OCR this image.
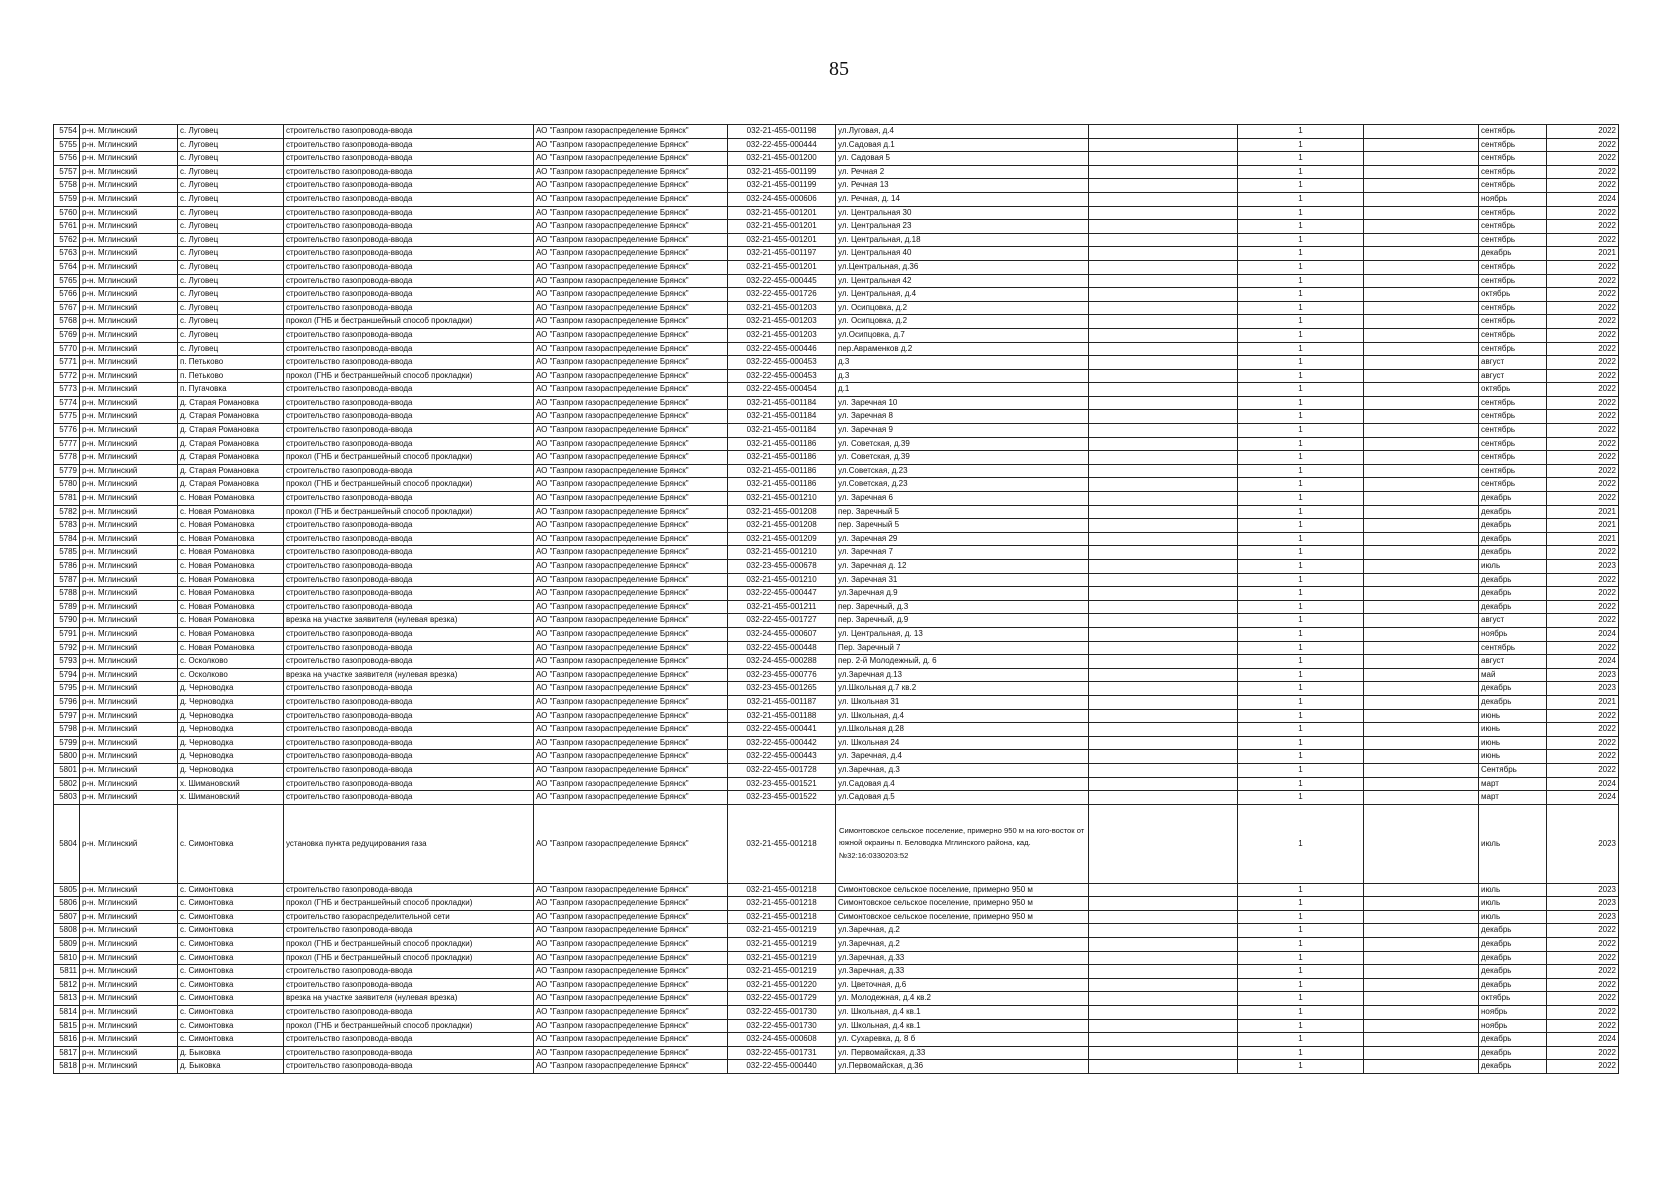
85
5754	р-н. Мглинский	с. Луговец	строительство газопровода-ввода	АО "Газпром газораспределение Брянск"	032-21-455-001198	ул.Луговая, д.4		1		сентябрь	2022
5755	р-н. Мглинский	с. Луговец	строительство газопровода-ввода	АО "Газпром газораспределение Брянск"	032-22-455-000444	ул.Садовая д.1		1		сентябрь	2022
5756	р-н. Мглинский	с. Луговец	строительство газопровода-ввода	АО "Газпром газораспределение Брянск"	032-21-455-001200	ул. Садовая 5		1		сентябрь	2022
5757	р-н. Мглинский	с. Луговец	строительство газопровода-ввода	АО "Газпром газораспределение Брянск"	032-21-455-001199	ул. Речная 2		1		сентябрь	2022
5758	р-н. Мглинский	с. Луговец	строительство газопровода-ввода	АО "Газпром газораспределение Брянск"	032-21-455-001199	ул. Речная 13		1		сентябрь	2022
5759	р-н. Мглинский	с. Луговец	строительство газопровода-ввода	АО "Газпром газораспределение Брянск"	032-24-455-000606	ул. Речная, д. 14		1		ноябрь	2024
5760	р-н. Мглинский	с. Луговец	строительство газопровода-ввода	АО "Газпром газораспределение Брянск"	032-21-455-001201	ул. Центральная 30		1		сентябрь	2022
5761	р-н. Мглинский	с. Луговец	строительство газопровода-ввода	АО "Газпром газораспределение Брянск"	032-21-455-001201	ул. Центральная 23		1		сентябрь	2022
5762	р-н. Мглинский	с. Луговец	строительство газопровода-ввода	АО "Газпром газораспределение Брянск"	032-21-455-001201	ул. Центральная, д.18		1		сентябрь	2022
5763	р-н. Мглинский	с. Луговец	строительство газопровода-ввода	АО "Газпром газораспределение Брянск"	032-21-455-001197	ул. Центральная 40		1		декабрь	2021
5764	р-н. Мглинский	с. Луговец	строительство газопровода-ввода	АО "Газпром газораспределение Брянск"	032-21-455-001201	ул.Центральная, д.36		1		сентябрь	2022
5765	р-н. Мглинский	с. Луговец	строительство газопровода-ввода	АО "Газпром газораспределение Брянск"	032-22-455-000445	ул. Центральная 42		1		сентябрь	2022
5766	р-н. Мглинский	с. Луговец	строительство газопровода-ввода	АО "Газпром газораспределение Брянск"	032-22-455-001726	ул. Центральная, д.4		1		октябрь	2022
5767	р-н. Мглинский	с. Луговец	строительство газопровода-ввода	АО "Газпром газораспределение Брянск"	032-21-455-001203	ул. Осипцовка, д.2		1		сентябрь	2022
5768	р-н. Мглинский	с. Луговец	прокол (ГНБ и бестраншейный способ прокладки)	АО "Газпром газораспределение Брянск"	032-21-455-001203	ул. Осипцовка, д.2		1		сентябрь	2022
5769	р-н. Мглинский	с. Луговец	строительство газопровода-ввода	АО "Газпром газораспределение Брянск"	032-21-455-001203	ул.Осипцовка, д.7		1		сентябрь	2022
5770	р-н. Мглинский	с. Луговец	строительство газопровода-ввода	АО "Газпром газораспределение Брянск"	032-22-455-000446	пер.Авраменков д.2		1		сентябрь	2022
5771	р-н. Мглинский	п. Петьково	строительство газопровода-ввода	АО "Газпром газораспределение Брянск"	032-22-455-000453	д.3		1		август	2022
5772	р-н. Мглинский	п. Петьково	прокол (ГНБ и бестраншейный способ прокладки)	АО "Газпром газораспределение Брянск"	032-22-455-000453	д.3		1		август	2022
5773	р-н. Мглинский	п. Пугачовка	строительство газопровода-ввода	АО "Газпром газораспределение Брянск"	032-22-455-000454	д.1		1		октябрь	2022
5774	р-н. Мглинский	д. Старая Романовка	строительство газопровода-ввода	АО "Газпром газораспределение Брянск"	032-21-455-001184	ул. Заречная 10		1		сентябрь	2022
5775	р-н. Мглинский	д. Старая Романовка	строительство газопровода-ввода	АО "Газпром газораспределение Брянск"	032-21-455-001184	ул. Заречная 8		1		сентябрь	2022
5776	р-н. Мглинский	д. Старая Романовка	строительство газопровода-ввода	АО "Газпром газораспределение Брянск"	032-21-455-001184	ул. Заречная 9		1		сентябрь	2022
5777	р-н. Мглинский	д. Старая Романовка	строительство газопровода-ввода	АО "Газпром газораспределение Брянск"	032-21-455-001186	ул. Советская, д.39		1		сентябрь	2022
5778	р-н. Мглинский	д. Старая Романовка	прокол (ГНБ и бестраншейный способ прокладки)	АО "Газпром газораспределение Брянск"	032-21-455-001186	ул. Советская, д.39		1		сентябрь	2022
5779	р-н. Мглинский	д. Старая Романовка	строительство газопровода-ввода	АО "Газпром газораспределение Брянск"	032-21-455-001186	ул.Советская, д.23		1		сентябрь	2022
5780	р-н. Мглинский	д. Старая Романовка	прокол (ГНБ и бестраншейный способ прокладки)	АО "Газпром газораспределение Брянск"	032-21-455-001186	ул.Советская, д.23		1		сентябрь	2022
5781	р-н. Мглинский	с. Новая Романовка	строительство газопровода-ввода	АО "Газпром газораспределение Брянск"	032-21-455-001210	ул. Заречная 6		1		декабрь	2022
5782	р-н. Мглинский	с. Новая Романовка	прокол (ГНБ и бестраншейный способ прокладки)	АО "Газпром газораспределение Брянск"	032-21-455-001208	пер. Заречный 5		1		декабрь	2021
5783	р-н. Мглинский	с. Новая Романовка	строительство газопровода-ввода	АО "Газпром газораспределение Брянск"	032-21-455-001208	пер. Заречный 5		1		декабрь	2021
5784	р-н. Мглинский	с. Новая Романовка	строительство газопровода-ввода	АО "Газпром газораспределение Брянск"	032-21-455-001209	ул. Заречная 29		1		декабрь	2021
5785	р-н. Мглинский	с. Новая Романовка	строительство газопровода-ввода	АО "Газпром газораспределение Брянск"	032-21-455-001210	ул. Заречная 7		1		декабрь	2022
5786	р-н. Мглинский	с. Новая Романовка	строительство газопровода-ввода	АО "Газпром газораспределение Брянск"	032-23-455-000678	ул. Заречная д. 12		1		июль	2023
5787	р-н. Мглинский	с. Новая Романовка	строительство газопровода-ввода	АО "Газпром газораспределение Брянск"	032-21-455-001210	ул. Заречная 31		1		декабрь	2022
5788	р-н. Мглинский	с. Новая Романовка	строительство газопровода-ввода	АО "Газпром газораспределение Брянск"	032-22-455-000447	ул.Заречная д.9		1		декабрь	2022
5789	р-н. Мглинский	с. Новая Романовка	строительство газопровода-ввода	АО "Газпром газораспределение Брянск"	032-21-455-001211	пер. Заречный, д.3		1		декабрь	2022
5790	р-н. Мглинский	с. Новая Романовка	врезка на участке заявителя (нулевая врезка)	АО "Газпром газораспределение Брянск"	032-22-455-001727	пер. Заречный, д.9		1		август	2022
5791	р-н. Мглинский	с. Новая Романовка	строительство газопровода-ввода	АО "Газпром газораспределение Брянск"	032-24-455-000607	ул. Центральная, д. 13		1		ноябрь	2024
5792	р-н. Мглинский	с. Новая Романовка	строительство газопровода-ввода	АО "Газпром газораспределение Брянск"	032-22-455-000448	Пер. Заречный 7		1		сентябрь	2022
5793	р-н. Мглинский	с. Осколково	строительство газопровода-ввода	АО "Газпром газораспределение Брянск"	032-24-455-000288	пер. 2-й Молодежный, д. 6		1		август	2024
5794	р-н. Мглинский	с. Осколково	врезка на участке заявителя (нулевая врезка)	АО "Газпром газораспределение Брянск"	032-23-455-000776	ул.Заречная д.13		1		май	2023
5795	р-н. Мглинский	д. Черноводка	строительство газопровода-ввода	АО "Газпром газораспределение Брянск"	032-23-455-001265	ул.Школьная д.7 кв.2		1		декабрь	2023
5796	р-н. Мглинский	д. Черноводка	строительство газопровода-ввода	АО "Газпром газораспределение Брянск"	032-21-455-001187	ул. Школьная 31		1		декабрь	2021
5797	р-н. Мглинский	д. Черноводка	строительство газопровода-ввода	АО "Газпром газораспределение Брянск"	032-21-455-001188	ул. Школьная, д.4		1		июнь	2022
5798	р-н. Мглинский	д. Черноводка	строительство газопровода-ввода	АО "Газпром газораспределение Брянск"	032-22-455-000441	ул.Школьная д.28		1		июнь	2022
5799	р-н. Мглинский	д. Черноводка	строительство газопровода-ввода	АО "Газпром газораспределение Брянск"	032-22-455-000442	ул. Школьная 24		1		июнь	2022
5800	р-н. Мглинский	д. Черноводка	строительство газопровода-ввода	АО "Газпром газораспределение Брянск"	032-22-455-000443	ул. Заречная, д.4		1		июнь	2022
5801	р-н. Мглинский	д. Черноводка	строительство газопровода-ввода	АО "Газпром газораспределение Брянск"	032-22-455-001728	ул.Заречная, д.3		1		Сентябрь	2022
5802	р-н. Мглинский	х. Шимановский	строительство газопровода-ввода	АО "Газпром газораспределение Брянск"	032-23-455-001521	ул.Садовая д.4		1		март	2024
5803	р-н. Мглинский	х. Шимановский	строительство газопровода-ввода	АО "Газпром газораспределение Брянск"	032-23-455-001522	ул.Садовая д.5		1		март	2024
5804	р-н. Мглинский	с. Симонтовка	установка пункта редуцирования газа	АО "Газпром газораспределение Брянск"	032-21-455-001218	Симонтовское сельское поселение, примерно 950 м на юго-восток от южной окраины п. Беловодка Мглинского района, кад. №32:16:0330203:52		1		июль	2023
5805	р-н. Мглинский	с. Симонтовка	строительство газопровода-ввода	АО "Газпром газораспределение Брянск"	032-21-455-001218	Симонтовское сельское поселение, примерно 950 м		1		июль	2023
5806	р-н. Мглинский	с. Симонтовка	прокол (ГНБ и бестраншейный способ прокладки)	АО "Газпром газораспределение Брянск"	032-21-455-001218	Симонтовское сельское поселение, примерно 950 м		1		июль	2023
5807	р-н. Мглинский	с. Симонтовка	строительство газораспределительной сети	АО "Газпром газораспределение Брянск"	032-21-455-001218	Симонтовское сельское поселение, примерно 950 м		1		июль	2023
5808	р-н. Мглинский	с. Симонтовка	строительство газопровода-ввода	АО "Газпром газораспределение Брянск"	032-21-455-001219	ул.Заречная, д.2		1		декабрь	2022
5809	р-н. Мглинский	с. Симонтовка	прокол (ГНБ и бестраншейный способ прокладки)	АО "Газпром газораспределение Брянск"	032-21-455-001219	ул.Заречная, д.2		1		декабрь	2022
5810	р-н. Мглинский	с. Симонтовка	прокол (ГНБ и бестраншейный способ прокладки)	АО "Газпром газораспределение Брянск"	032-21-455-001219	ул.Заречная, д.33		1		декабрь	2022
5811	р-н. Мглинский	с. Симонтовка	строительство газопровода-ввода	АО "Газпром газораспределение Брянск"	032-21-455-001219	ул.Заречная, д.33		1		декабрь	2022
5812	р-н. Мглинский	с. Симонтовка	строительство газопровода-ввода	АО "Газпром газораспределение Брянск"	032-21-455-001220	ул. Цветочная, д.6		1		декабрь	2022
5813	р-н. Мглинский	с. Симонтовка	врезка на участке заявителя (нулевая врезка)	АО "Газпром газораспределение Брянск"	032-22-455-001729	ул. Молодежная, д.4 кв.2		1		октябрь	2022
5814	р-н. Мглинский	с. Симонтовка	строительство газопровода-ввода	АО "Газпром газораспределение Брянск"	032-22-455-001730	ул. Школьная, д.4 кв.1		1		ноябрь	2022
5815	р-н. Мглинский	с. Симонтовка	прокол (ГНБ и бестраншейный способ прокладки)	АО "Газпром газораспределение Брянск"	032-22-455-001730	ул. Школьная, д.4 кв.1		1		ноябрь	2022
5816	р-н. Мглинский	с. Симонтовка	строительство газопровода-ввода	АО "Газпром газораспределение Брянск"	032-24-455-000608	ул. Сухаревка, д. 8 б		1		декабрь	2024
5817	р-н. Мглинский	д. Быковка	строительство газопровода-ввода	АО "Газпром газораспределение Брянск"	032-22-455-001731	ул. Первомайская, д.33		1		декабрь	2022
5818	р-н. Мглинский	д. Быковка	строительство газопровода-ввода	АО "Газпром газораспределение Брянск"	032-22-455-000440	ул.Первомайская, д.36		1		декабрь	2022
